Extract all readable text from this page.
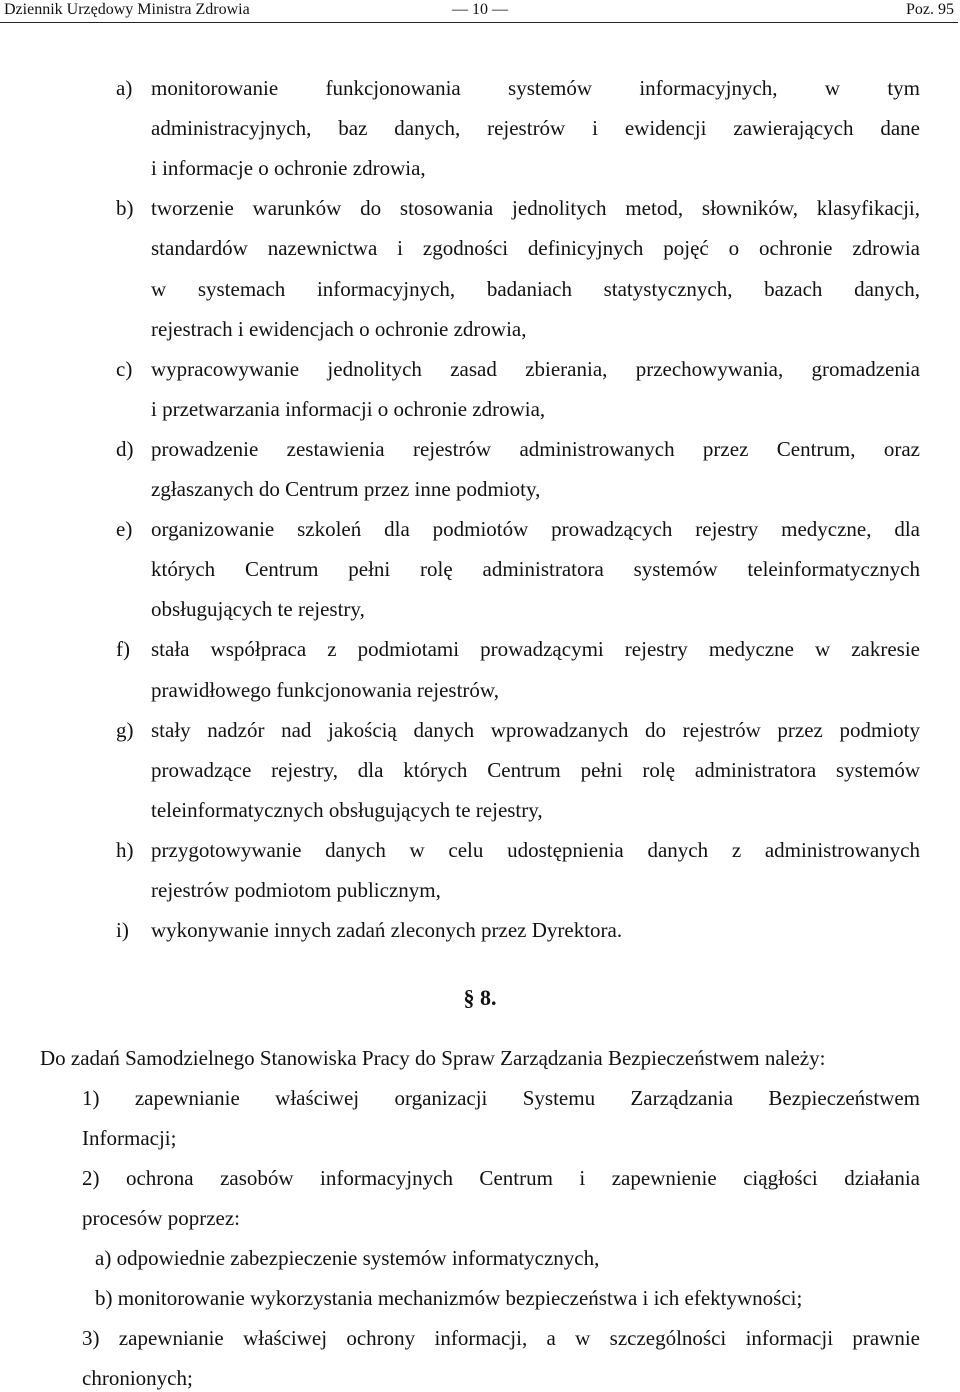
Dziennik Urzędowy Ministra Zdrowia	— 10 —	Poz. 95
a) monitorowanie funkcjonowania systemów informacyjnych, w tym
administracyjnych, baz danych, rejestrów i ewidencji zawierających dane
i informacje o ochronie zdrowia,
b) tworzenie warunków do stosowania jednolitych metod, słowników, klasyfikacji,
standardów nazewnictwa i zgodności definicyjnych pojęć o ochronie zdrowia
w systemach informacyjnych, badaniach statystycznych, bazach danych,
rejestrach i ewidencjach o ochronie zdrowia,
c) wypracowywanie jednolitych zasad zbierania, przechowywania, gromadzenia
i przetwarzania informacji o ochronie zdrowia,
d) prowadzenie zestawienia rejestrów administrowanych przez Centrum, oraz
zgłaszanych do Centrum przez inne podmioty,
e) organizowanie szkoleń dla podmiotów prowadzących rejestry medyczne, dla
których Centrum pełni rolę administratora systemów teleinformatycznych
obsługujących te rejestry,
f) stała współpraca z podmiotami prowadzącymi rejestry medyczne w zakresie
prawidłowego funkcjonowania rejestrów,
g) stały nadzór nad jakością danych wprowadzanych do rejestrów przez podmioty
prowadzące rejestry, dla których Centrum pełni rolę administratora systemów
teleinformatycznych obsługujących te rejestry,
h) przygotowywanie danych w celu udostępnienia danych z administrowanych
rejestrów podmiotom publicznym,
i) wykonywanie innych zadań zleconych przez Dyrektora.
§ 8.
Do zadań Samodzielnego Stanowiska Pracy do Spraw Zarządzania Bezpieczeństwem należy:
1) zapewnianie właściwej organizacji Systemu Zarządzania Bezpieczeństwem
Informacji;
2) ochrona zasobów informacyjnych Centrum i zapewnienie ciągłości działania
procesów poprzez:
a) odpowiednie zabezpieczenie systemów informatycznych,
b) monitorowanie wykorzystania mechanizmów bezpieczeństwa i ich efektywności;
3) zapewnianie właściwej ochrony informacji, a w szczególności informacji prawnie
chronionych;
